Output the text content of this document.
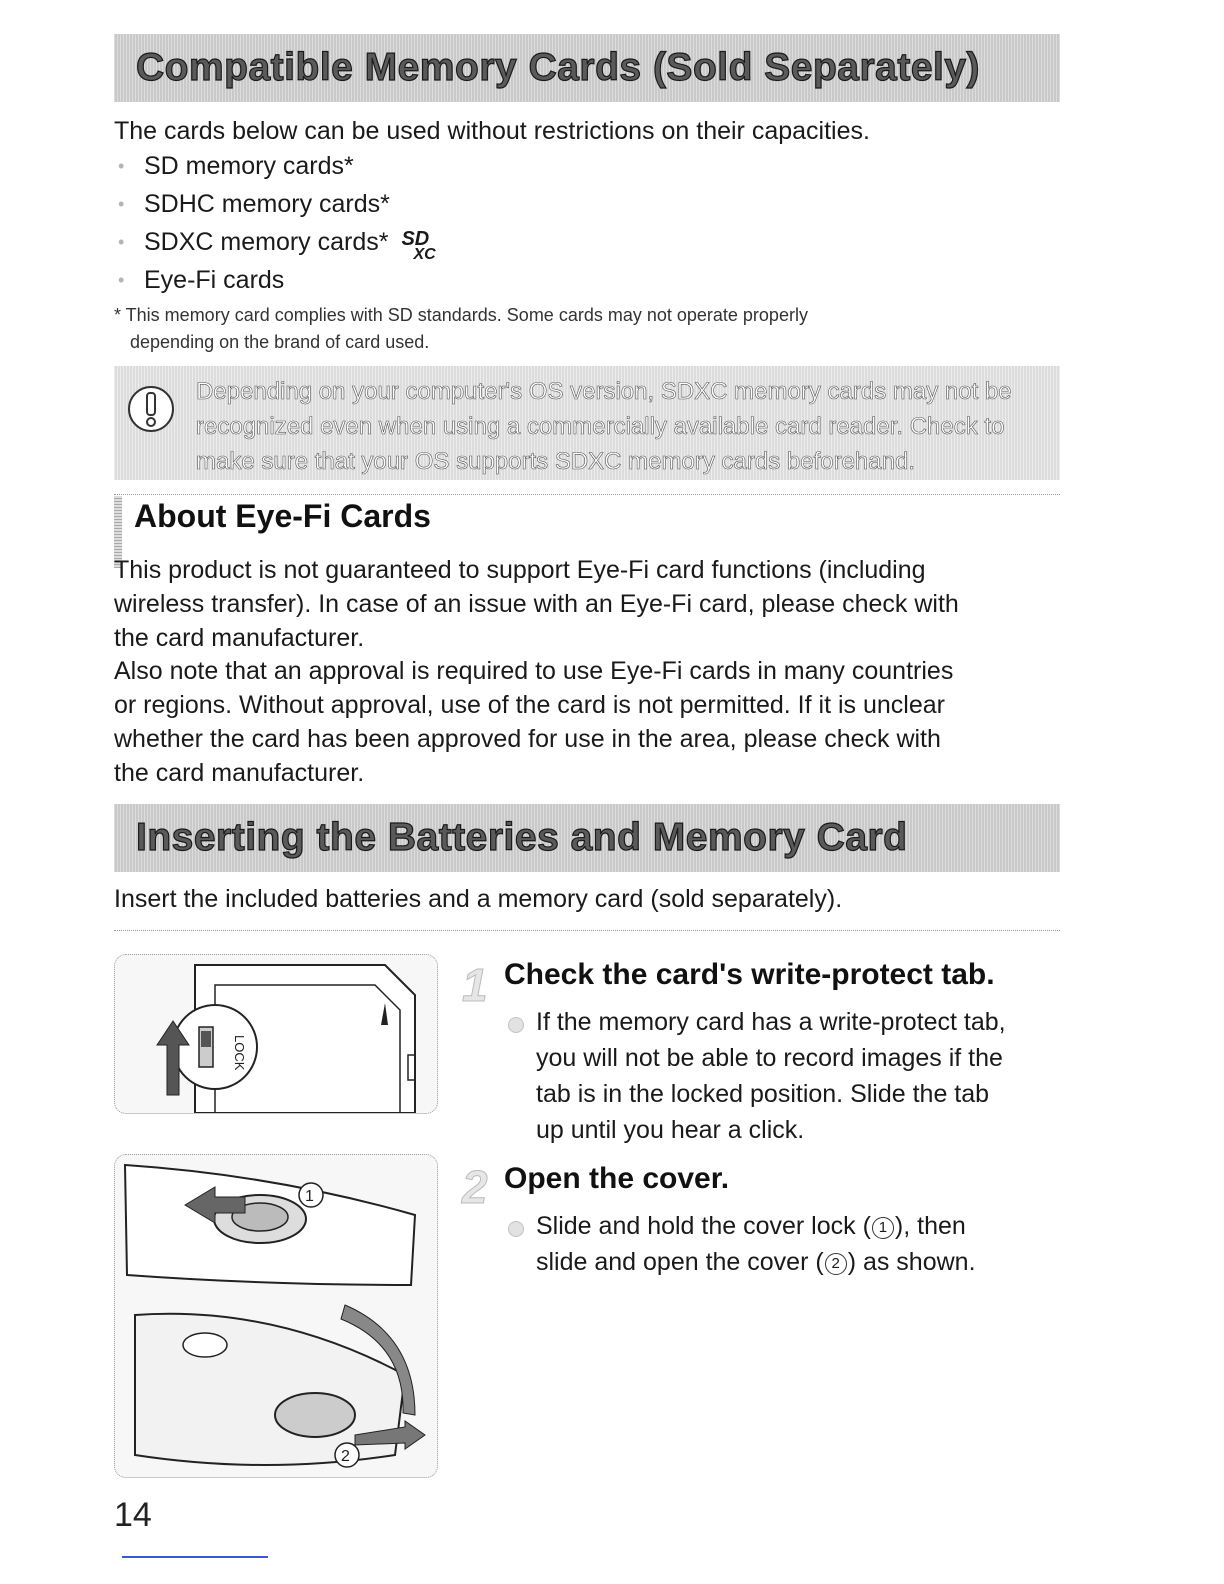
Compatible Memory Cards (Sold Separately)
The cards below can be used without restrictions on their capacities.
• SD memory cards*
• SDHC memory cards*
• SDXC memory cards* SD
XC
• Eye-Fi cards
* This memory card complies with SD standards. Some cards may not operate properly
depending on the brand of card used.
Depending on your computer's OS version, SDXC memory cards may not be
recognized even when using a commercially available card reader. Check to
make sure that your OS supports SDXC memory cards beforehand.
About Eye-Fi Cards
This product is not guaranteed to support Eye-Fi card functions (including
wireless transfer). In case of an issue with an Eye-Fi card, please check with
the card manufacturer.
Also note that an approval is required to use Eye-Fi cards in many countries
or regions. Without approval, use of the card is not permitted. If it is unclear
whether the card has been approved for use in the area, please check with
the card manufacturer.
Inserting the Batteries and Memory Card
Insert the included batteries and a memory card (sold separately).
LOCK
1
2
1 Check the card's write-protect tab.
If the memory card has a write-protect tab,
you will not be able to record images if the
tab is in the locked position. Slide the tab
up until you hear a click.
2 Open the cover.
Slide and hold the cover lock ( 1 ), then
slide and open the cover ( 2 ) as shown.
14
